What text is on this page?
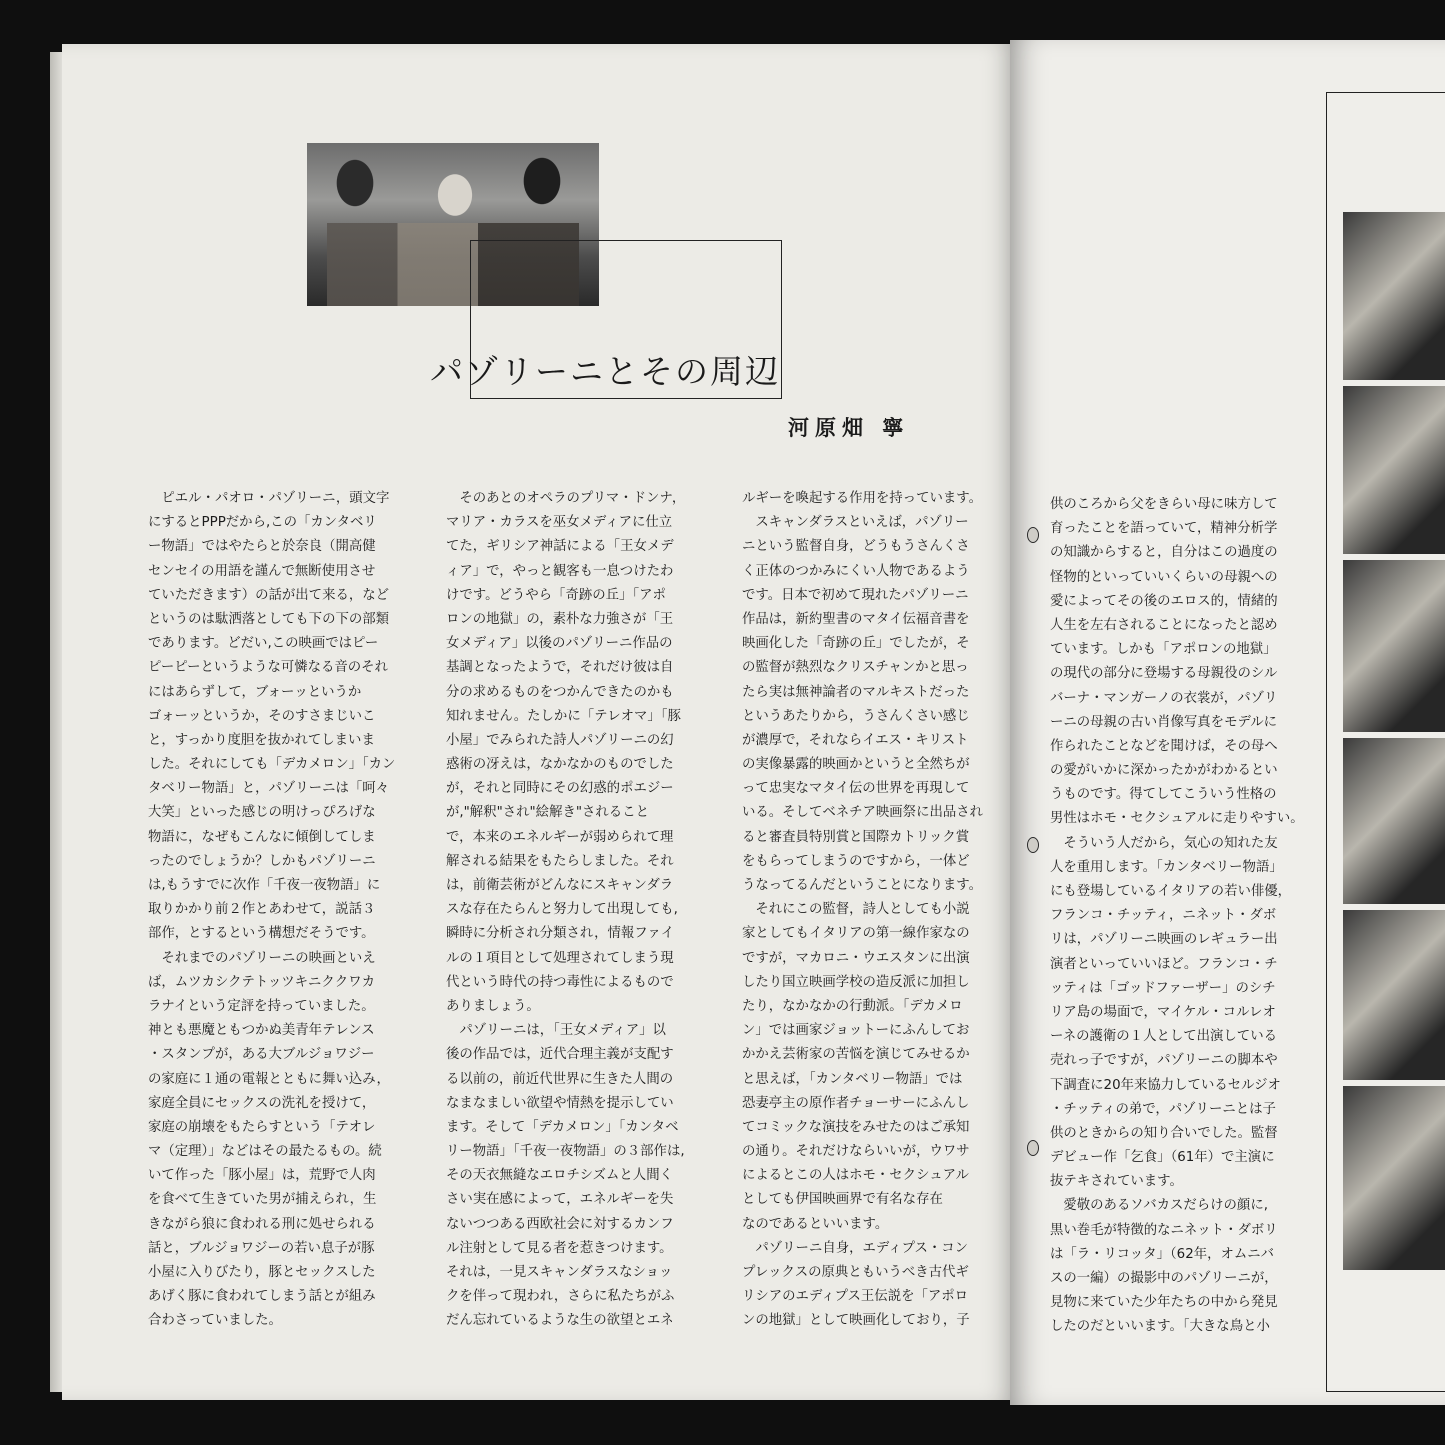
パゾリーニとその周辺
河原畑 寧
　ピエル・パオロ・パゾリーニ，頭文字
にするとPPPだから,この「カンタベリ
ー物語」ではやたらと於奈良（開高健
センセイの用語を謹んで無断使用させ
ていただきます）の話が出て来る，など
というのは駄洒落としても下の下の部類
であります。どだい,この映画ではピー
ピーピーというような可憐なる音のそれ
にはあらずして，ブォーッというか
ゴォーッというか，そのすさまじいこ
と，すっかり度胆を抜かれてしまいま
した。それにしても「デカメロン」「カン
タベリー物語」と，パゾリーニは「呵々
大笑」といった感じの明けっぴろげな
物語に，なぜもこんなに傾倒してしま
ったのでしょうか？しかもパゾリーニ
は,もうすでに次作「千夜一夜物語」に
取りかかり前２作とあわせて，説話３
部作，とするという構想だそうです。
　それまでのパゾリーニの映画といえ
ば，ムツカシクテトッツキニククワカ
ラナイという定評を持っていました。
神とも悪魔ともつかぬ美青年テレンス
・スタンプが，ある大ブルジョワジー
の家庭に１通の電報とともに舞い込み，
家庭全員にセックスの洗礼を授けて，
家庭の崩壊をもたらすという「テオレ
マ（定理）」などはその最たるもの。続
いて作った「豚小屋」は，荒野で人肉
を食べて生きていた男が捕えられ，生
きながら狼に食われる刑に処せられる
話と，ブルジョワジーの若い息子が豚
小屋に入りびたり，豚とセックスした
あげく豚に食われてしまう話とが組み
合わさっていました。
　そのあとのオペラのプリマ・ドンナ，
マリア・カラスを巫女メディアに仕立
てた，ギリシア神話による「王女メデ
ィア」で，やっと観客も一息つけたわ
けです。どうやら「奇跡の丘」「アポ
ロンの地獄」の，素朴な力強さが「王
女メディア」以後のパゾリーニ作品の
基調となったようで，それだけ彼は自
分の求めるものをつかんできたのかも
知れません。たしかに「テレオマ」「豚
小屋」でみられた詩人パゾリーニの幻
惑術の冴えは，なかなかのものでした
が，それと同時にその幻惑的ポエジー
が,"解釈"され"絵解き"されること
で，本来のエネルギーが弱められて理
解される結果をもたらしました。それ
は，前衛芸術がどんなにスキャンダラ
スな存在たらんと努力して出現しても,
瞬時に分析され分類され，情報ファイ
ルの１項目として処理されてしまう現
代という時代の持つ毒性によるもので
ありましょう。
　パゾリーニは，「王女メディア」以
後の作品では，近代合理主義が支配す
る以前の，前近代世界に生きた人間の
なまなましい欲望や情熱を提示してい
ます。そして「デカメロン」「カンタベ
リー物語」「千夜一夜物語」の３部作は,
その天衣無縫なエロチシズムと人間く
さい実在感によって，エネルギーを失
ないつつある西欧社会に対するカンフ
ル注射として見る者を惹きつけます。
それは，一見スキャンダラスなショッ
クを伴って現われ，さらに私たちがふ
だん忘れているような生の欲望とエネ
ルギーを喚起する作用を持っています。
　スキャンダラスといえば，パゾリー
ニという監督自身，どうもうさんくさ
く正体のつかみにくい人物であるよう
です。日本で初めて現れたパゾリーニ
作品は，新約聖書のマタイ伝福音書を
映画化した「奇跡の丘」でしたが，そ
の監督が熱烈なクリスチャンかと思っ
たら実は無神論者のマルキストだった
というあたりから，うさんくさい感じ
が濃厚で，それならイエス・キリスト
の実像暴露的映画かというと全然ちが
って忠実なマタイ伝の世界を再現して
いる。そしてベネチア映画祭に出品され
ると審査員特別賞と国際カトリック賞
をもらってしまうのですから，一体ど
うなってるんだということになります。
　それにこの監督，詩人としても小説
家としてもイタリアの第一線作家なの
ですが，マカロニ・ウエスタンに出演
したり国立映画学校の造反派に加担し
たり，なかなかの行動派。「デカメロ
ン」では画家ジョットーにふんしてお
かかえ芸術家の苦悩を演じてみせるか
と思えば，「カンタベリー物語」では
恐妻亭主の原作者チョーサーにふんし
てコミックな演技をみせたのはご承知
の通り。それだけならいいが，ウワサ
によるとこの人はホモ・セクシュアル
としても伊国映画界で有名な存在
なのであるといいます。
　パゾリーニ自身，エディプス・コン
プレックスの原典ともいうべき古代ギ
リシアのエディプス王伝説を「アポロ
ンの地獄」として映画化しており，子
供のころから父をきらい母に味方して
育ったことを語っていて，精神分析学
の知識からすると，自分はこの過度の
怪物的といっていいくらいの母親への
愛によってその後のエロス的，情緒的
人生を左右されることになったと認め
ています。しかも「アポロンの地獄」
の現代の部分に登場する母親役のシル
バーナ・マンガーノの衣裳が，パゾリ
ーニの母親の古い肖像写真をモデルに
作られたことなどを聞けば，その母へ
の愛がいかに深かったかがわかるとい
うものです。得てしてこういう性格の
男性はホモ・セクシュアルに走りやすい。
　そういう人だから，気心の知れた友
人を重用します。「カンタベリー物語」
にも登場しているイタリアの若い俳優，
フランコ・チッティ，ニネット・ダボ
リは，パゾリーニ映画のレギュラー出
演者といっていいほど。フランコ・チ
ッティは「ゴッドファーザー」のシチ
リア島の場面で，マイケル・コルレオ
ーネの護衛の１人として出演している
売れっ子ですが，パゾリーニの脚本や
下調査に20年来協力しているセルジオ
・チッティの弟で，パゾリーニとは子
供のときからの知り合いでした。監督
デビュー作「乞食」（61年）で主演に
抜テキされています。
　愛敬のあるソバカスだらけの顔に,
黒い巻毛が特徴的なニネット・ダボリ
は「ラ・リコッタ」（62年，オムニバ
スの一編）の撮影中のパゾリーニが，
見物に来ていた少年たちの中から発見
したのだといいます。「大きな鳥と小
